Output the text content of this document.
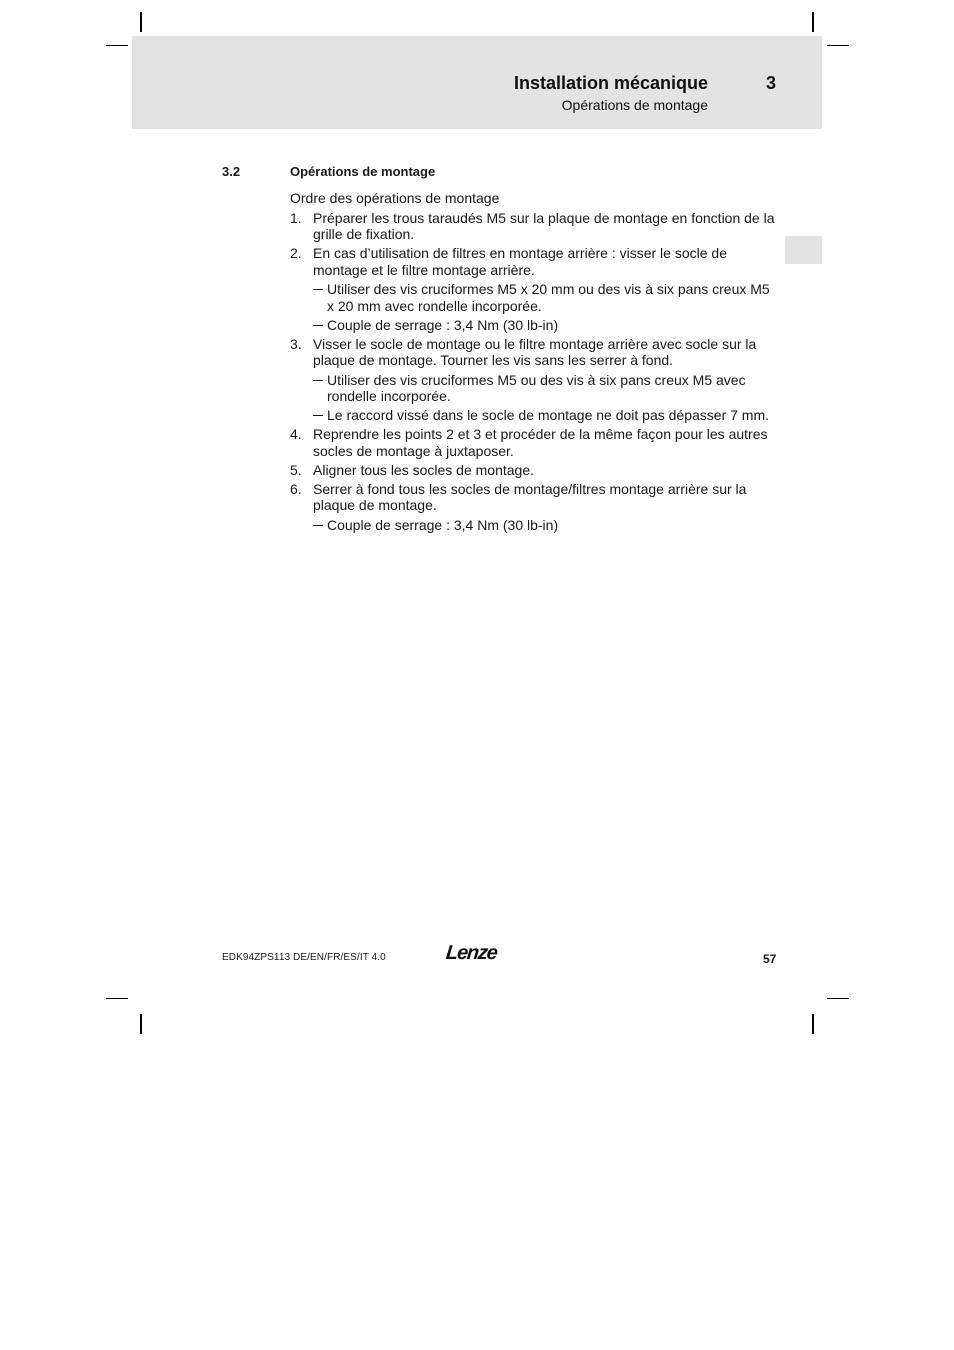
Installation mécanique	3
Opérations de montage
3.2	Opérations de montage

Ordre des opérations de montage

1. Préparer les trous taraudés M5 sur la plaque de montage en fonction de la grille de fixation.
2. En cas d’utilisation de filtres en montage arrière : visser le socle de montage et le filtre montage arrière.
Utiliser des vis cruciformes M5 x 20 mm ou des vis à six pans creux M5 x 20 mm avec rondelle incorporée.
Couple de serrage : 3,4 Nm (30 lb-in)
3. Visser le socle de montage ou le filtre montage arrière avec socle sur la plaque de montage. Tourner les vis sans les serrer à fond.
Utiliser des vis cruciformes M5 ou des vis à six pans creux M5 avec rondelle incorporée.
Le raccord vissé dans le socle de montage ne doit pas dépasser 7 mm.
4. Reprendre les points 2 et 3 et procéder de la même façon pour les autres socles de montage à juxtaposer.
5. Aligner tous les socles de montage.
6. Serrer à fond tous les socles de montage/filtres montage arrière sur la plaque de montage.
Couple de serrage : 3,4 Nm (30 lb-in)
EDK94ZPS113 DE/EN/FR/ES/IT 4.0	Lenze	57
